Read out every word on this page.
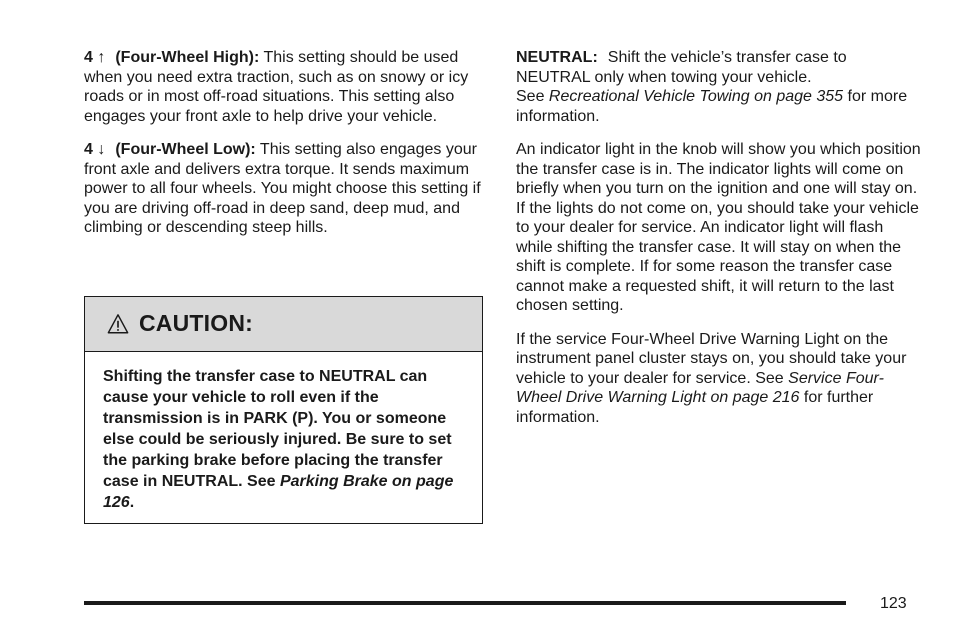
4 ↑ (Four-Wheel High): This setting should be used when you need extra traction, such as on snowy or icy roads or in most off-road situations. This setting also engages your front axle to help drive your vehicle.

4 ↓ (Four-Wheel Low): This setting also engages your front axle and delivers extra torque. It sends maximum power to all four wheels. You might choose this setting if you are driving off-road in deep sand, deep mud, and climbing or descending steep hills.

CAUTION:
Shifting the transfer case to NEUTRAL can cause your vehicle to roll even if the transmission is in PARK (P). You or someone else could be seriously injured. Be sure to set the parking brake before placing the transfer case in NEUTRAL. See Parking Brake on page 126.

NEUTRAL: Shift the vehicle’s transfer case to NEUTRAL only when towing your vehicle.
See Recreational Vehicle Towing on page 355 for more information.

An indicator light in the knob will show you which position the transfer case is in. The indicator lights will come on briefly when you turn on the ignition and one will stay on. If the lights do not come on, you should take your vehicle to your dealer for service. An indicator light will flash while shifting the transfer case. It will stay on when the shift is complete. If for some reason the transfer case cannot make a requested shift, it will return to the last chosen setting.

If the service Four-Wheel Drive Warning Light on the instrument panel cluster stays on, you should take your vehicle to your dealer for service. See Service Four-Wheel Drive Warning Light on page 216 for further information.

123
